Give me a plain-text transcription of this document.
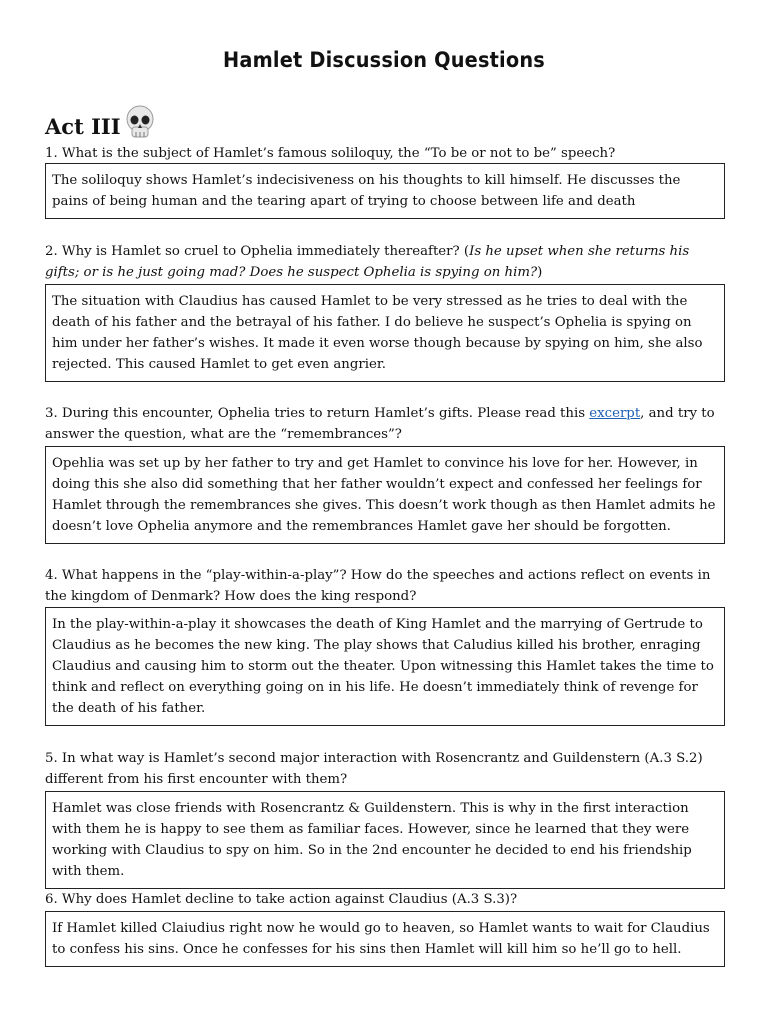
Hamlet Discussion Questions
Act III
1. What is the subject of Hamlet’s famous soliloquy, the “To be or not to be” speech?
The soliloquy shows Hamlet’s indecisiveness on his thoughts to kill himself. He discusses the pains of being human and the tearing apart of trying to choose between life and death
2. Why is Hamlet so cruel to Ophelia immediately thereafter? (Is he upset when she returns his gifts; or is he just going mad? Does he suspect Ophelia is spying on him?)
The situation with Claudius has caused Hamlet to be very stressed as he tries to deal with the death of his father and the betrayal of his father. I do believe he suspect’s Ophelia is spying on him under her father’s wishes. It made it even worse though because by spying on him, she also rejected. This caused Hamlet to get even angrier.
3. During this encounter, Ophelia tries to return Hamlet’s gifts. Please read this excerpt, and try to answer the question, what are the “remembrances”?
Opehlia was set up by her father to try and get Hamlet to convince his love for her. However, in doing this she also did something that her father wouldn’t expect and confessed her feelings for Hamlet through the remembrances she gives. This doesn’t work though as then Hamlet admits he doesn’t love Ophelia anymore and the remembrances Hamlet gave her should be forgotten.
4. What happens in the “play-within-a-play”? How do the speeches and actions reflect on events in the kingdom of Denmark? How does the king respond?
In the play-within-a-play it showcases the death of King Hamlet and the marrying of Gertrude to Claudius as he becomes the new king. The play shows that Caludius killed his brother, enraging Claudius and causing him to storm out the theater. Upon witnessing this Hamlet takes the time to think and reflect on everything going on in his life. He doesn’t immediately think of revenge for the death of his father.
5. In what way is Hamlet’s second major interaction with Rosencrantz and Guildenstern (A.3 S.2) different from his first encounter with them?
Hamlet was close friends with Rosencrantz & Guildenstern. This is why in the first interaction with them he is happy to see them as familiar faces. However, since he learned that they were working with Claudius to spy on him. So in the 2nd encounter he decided to end his friendship with them.
6. Why does Hamlet decline to take action against Claudius (A.3 S.3)?
If Hamlet killed Claiudius right now he would go to heaven, so Hamlet wants to wait for Claudius to confess his sins. Once he confesses for his sins then Hamlet will kill him so he’ll go to hell.
